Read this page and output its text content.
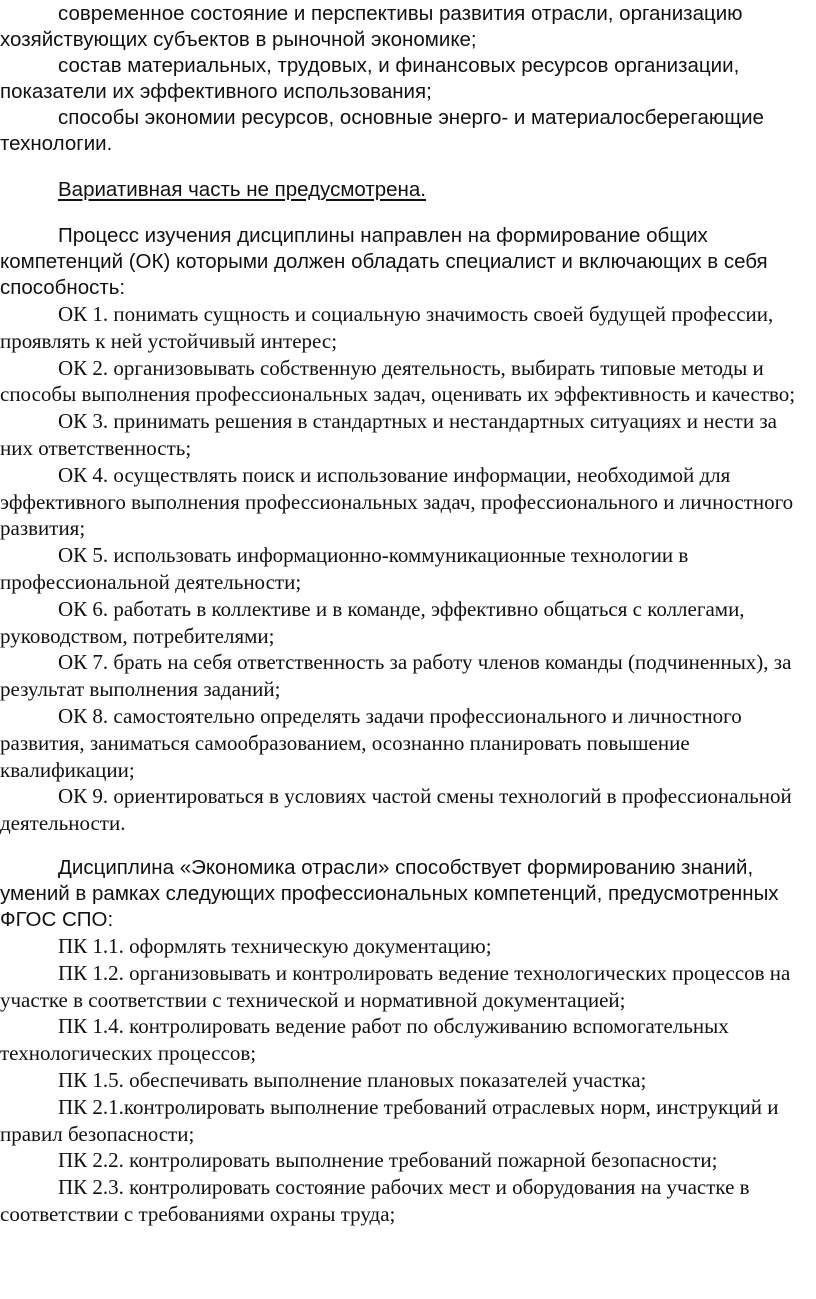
современное состояние и перспективы развития отрасли, организацию хозяйствующих субъектов в рыночной экономике;

состав материальных, трудовых, и финансовых ресурсов организации, показатели их эффективного использования;

способы экономии ресурсов, основные энерго- и материалосберегающие технологии.

Вариативная часть не предусмотрена.

Процесс изучения дисциплины направлен на формирование общих компетенций (ОК) которыми должен обладать специалист и включающих в себя способность:

ОК 1. понимать сущность и социальную значимость своей будущей профессии, проявлять к ней устойчивый интерес;

ОК 2. организовывать собственную деятельность, выбирать типовые методы и способы выполнения профессиональных задач, оценивать их эффективность и качество;

ОК 3. принимать решения в стандартных и нестандартных ситуациях и нести за них ответственность;

ОК 4. осуществлять поиск и использование информации, необходимой для эффективного выполнения профессиональных задач, профессионального и личностного развития;

ОК 5. использовать информационно-коммуникационные технологии в профессиональной деятельности;

ОК 6. работать в коллективе и в команде, эффективно общаться с коллегами, руководством, потребителями;

ОК 7. брать на себя ответственность за работу членов команды (подчиненных), за результат выполнения заданий;

ОК 8. самостоятельно определять задачи профессионального и личностного развития, заниматься самообразованием, осознанно планировать повышение квалификации;

ОК 9. ориентироваться в условиях частой смены технологий в профессиональной деятельности.

Дисциплина «Экономика отрасли» способствует формированию знаний, умений в рамках следующих профессиональных компетенций, предусмотренных ФГОС СПО:

ПК 1.1. оформлять техническую документацию;

ПК 1.2. организовывать и контролировать ведение технологических процессов на участке в соответствии с технической и нормативной документацией;

ПК 1.4. контролировать ведение работ по обслуживанию вспомогательных технологических процессов;

ПК 1.5. обеспечивать выполнение плановых показателей участка;

ПК 2.1.контролировать выполнение требований отраслевых норм, инструкций и правил безопасности;

ПК 2.2. контролировать выполнение требований пожарной безопасности;

ПК 2.3. контролировать состояние рабочих мест и оборудования на участке в соответствии с требованиями охраны труда;
